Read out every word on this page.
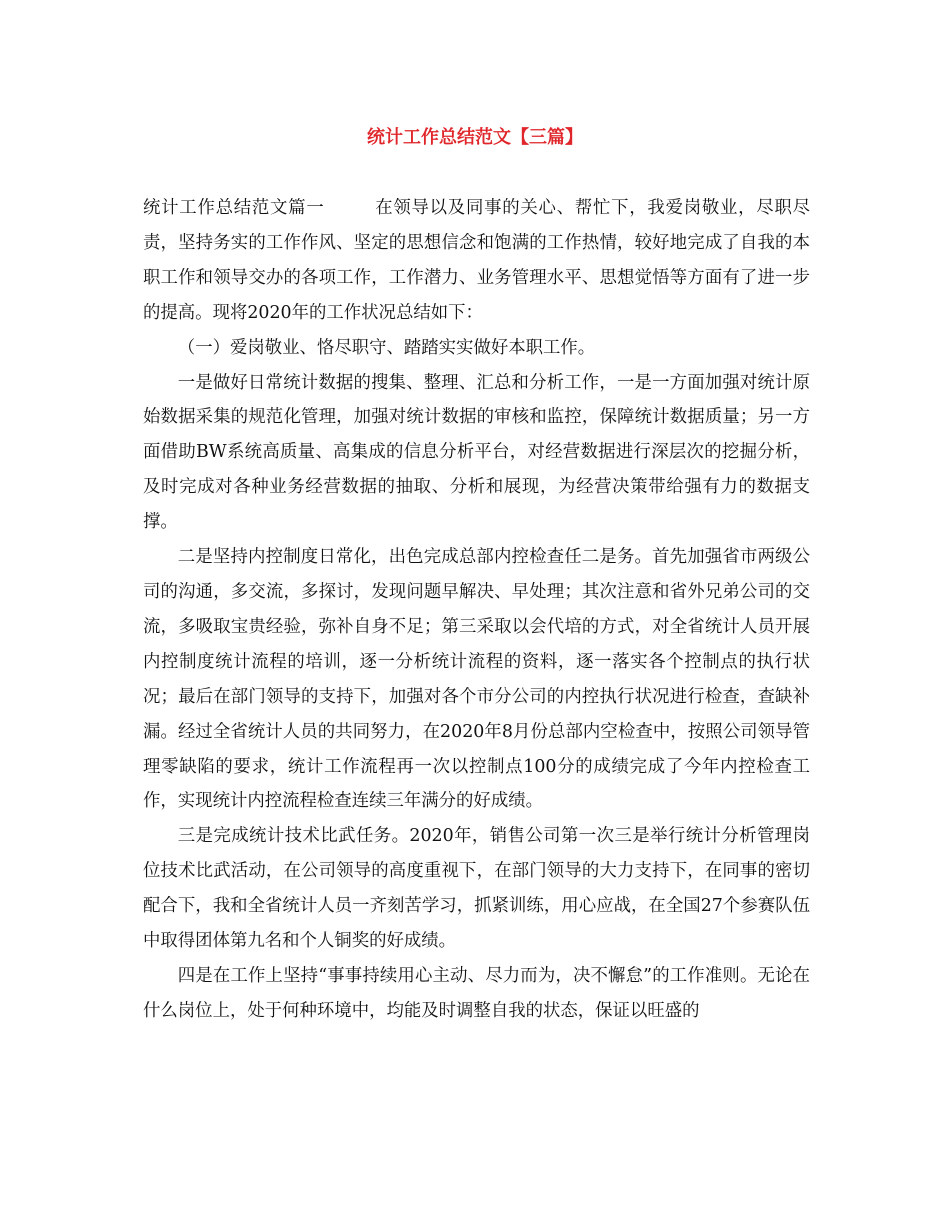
统计工作总结范文【三篇】

统计工作总结范文篇一	在领导以及同事的关心、帮忙下，我爱岗敬业，尽职尽责，坚持务实的工作作风、坚定的思想信念和饱满的工作热情，较好地完成了自我的本职工作和领导交办的各项工作，工作潜力、业务管理水平、思想觉悟等方面有了进一步的提高。现将2020年的工作状况总结如下：

（一）爱岗敬业、恪尽职守、踏踏实实做好本职工作。

一是做好日常统计数据的搜集、整理、汇总和分析工作，一是一方面加强对统计原始数据采集的规范化管理，加强对统计数据的审核和监控，保障统计数据质量；另一方面借助BW系统高质量、高集成的信息分析平台，对经营数据进行深层次的挖掘分析，及时完成对各种业务经营数据的抽取、分析和展现，为经营决策带给强有力的数据支撑。

二是坚持内控制度日常化，出色完成总部内控检查任二是务。首先加强省市两级公司的沟通，多交流，多探讨，发现问题早解决、早处理；其次注意和省外兄弟公司的交流，多吸取宝贵经验，弥补自身不足；第三采取以会代培的方式，对全省统计人员开展内控制度统计流程的培训，逐一分析统计流程的资料，逐一落实各个控制点的执行状况；最后在部门领导的支持下，加强对各个市分公司的内控执行状况进行检查，查缺补漏。经过全省统计人员的共同努力，在2020年8月份总部内空检查中，按照公司领导管理零缺陷的要求，统计工作流程再一次以控制点100分的成绩完成了今年内控检查工作，实现统计内控流程检查连续三年满分的好成绩。

三是完成统计技术比武任务。2020年，销售公司第一次三是举行统计分析管理岗位技术比武活动，在公司领导的高度重视下，在部门领导的大力支持下，在同事的密切配合下，我和全省统计人员一齐刻苦学习，抓紧训练，用心应战，在全国27个参赛队伍中取得团体第九名和个人铜奖的好成绩。

四是在工作上坚持“事事持续用心主动、尽力而为，决不懈怠”的工作准则。无论在什么岗位上，处于何种环境中，均能及时调整自我的状态，保证以旺盛的
